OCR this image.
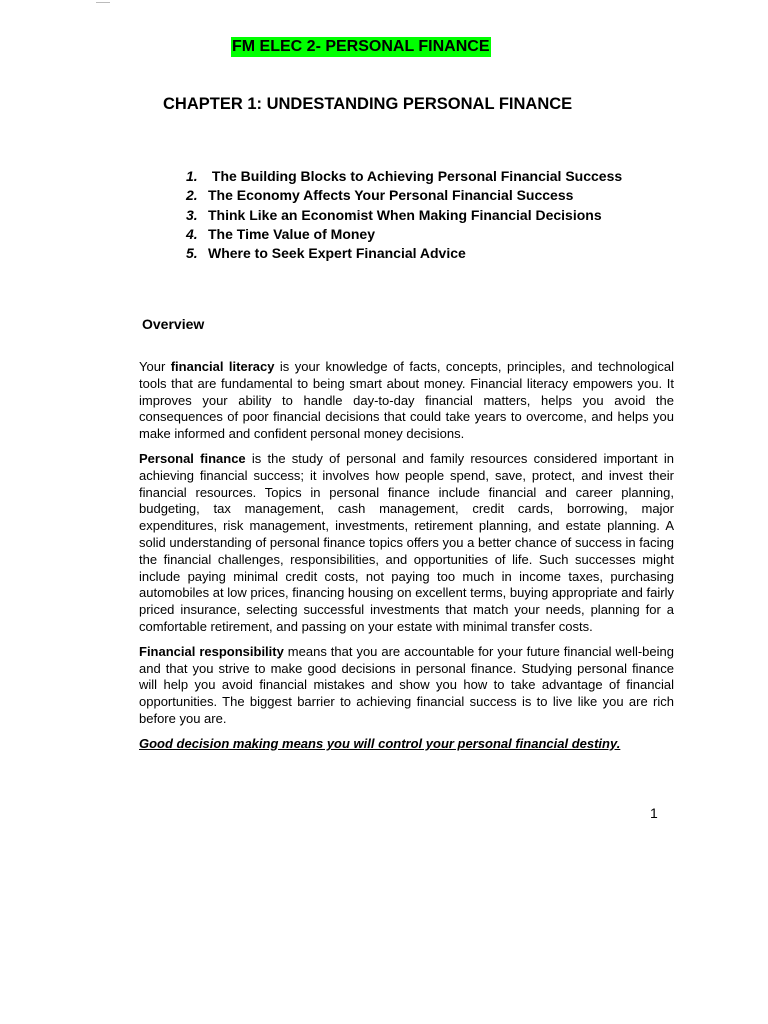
FM ELEC 2- PERSONAL FINANCE
CHAPTER 1: UNDESTANDING PERSONAL FINANCE
1. The Building Blocks to Achieving Personal Financial Success
2. The Economy Affects Your Personal Financial Success
3. Think Like an Economist When Making Financial Decisions
4. The Time Value of Money
5. Where to Seek Expert Financial Advice
Overview

Your financial literacy is your knowledge of facts, concepts, principles, and technological tools that are fundamental to being smart about money. Financial literacy empowers you. It improves your ability to handle day-to-day financial matters, helps you avoid the consequences of poor financial decisions that could take years to overcome, and helps you make informed and confident personal money decisions.

Personal finance is the study of personal and family resources considered important in achieving financial success; it involves how people spend, save, protect, and invest their financial resources. Topics in personal finance include financial and career planning, budgeting, tax management, cash management, credit cards, borrowing, major expenditures, risk management, investments, retirement planning, and estate planning. A solid understanding of personal finance topics offers you a better chance of success in facing the financial challenges, responsibilities, and opportunities of life. Such successes might include paying minimal credit costs, not paying too much in income taxes, purchasing automobiles at low prices, financing housing on excellent terms, buying appropriate and fairly priced insurance, selecting successful investments that match your needs, planning for a comfortable retirement, and passing on your estate with minimal transfer costs.

Financial responsibility means that you are accountable for your future financial well-being and that you strive to make good decisions in personal finance. Studying personal finance will help you avoid financial mistakes and show you how to take advantage of financial opportunities. The biggest barrier to achieving financial success is to live like you are rich before you are.

Good decision making means you will control your personal financial destiny.

1
